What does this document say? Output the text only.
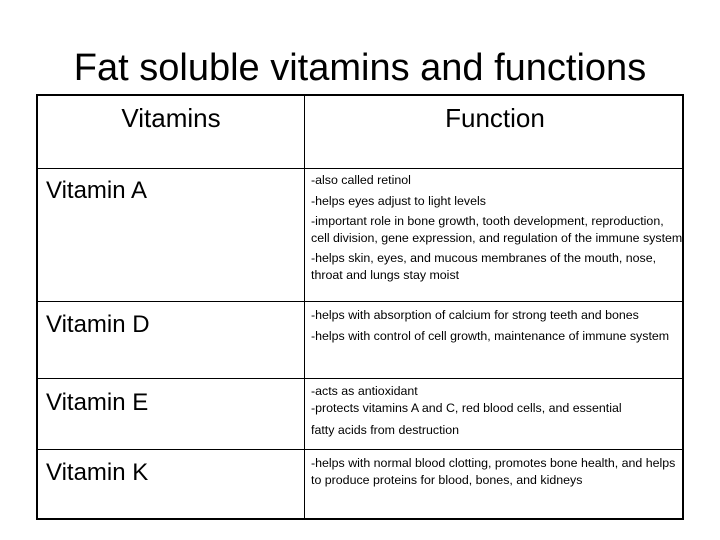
Fat soluble vitamins and functions
Vitamins	Function
Vitamin A	-also called retinol
-helps eyes adjust to light levels
-important role in bone growth, tooth development, reproduction, cell division, gene expression, and regulation of the immune system
-helps skin, eyes, and mucous membranes of the mouth, nose, throat and lungs stay moist
Vitamin D	-helps with absorption of calcium for strong teeth and bones
-helps with control of cell growth, maintenance of immune system
Vitamin E	-acts as antioxidant
-protects vitamins A and C, red blood cells, and essential
fatty acids from destruction
Vitamin K	-helps with normal blood clotting, promotes bone health, and helps to produce proteins for blood, bones, and kidneys
